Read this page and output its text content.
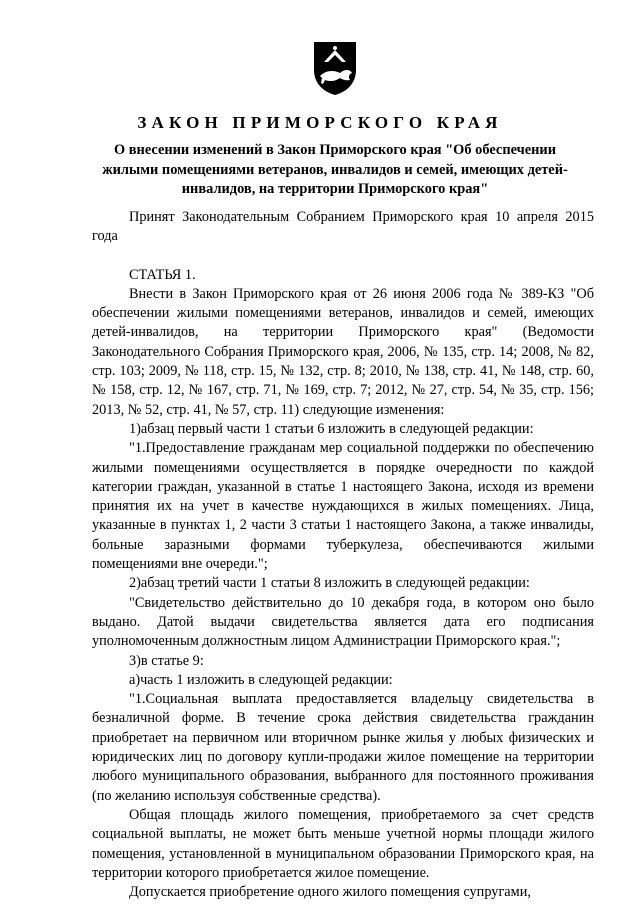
ЗАКОН ПРИМОРСКОГО КРАЯ
О внесении изменений в Закон Приморского края "Об обеспечении жилыми помещениями ветеранов, инвалидов и семей, имеющих детей-инвалидов, на территории Приморского края"

Принят Законодательным Собранием Приморского края 10 апреля 2015 года

СТАТЬЯ 1.

Внести в Закон Приморского края от 26 июня 2006 года № 389-КЗ "Об обеспечении жилыми помещениями ветеранов, инвалидов и семей, имеющих детей-инвалидов, на территории Приморского края" (Ведомости Законодательного Собрания Приморского края, 2006, № 135, стр. 14; 2008, № 82, стр. 103; 2009, № 118, стр. 15, № 132, стр. 8; 2010, № 138, стр. 41, № 148, стр. 60, № 158, стр. 12, № 167, стр. 71, № 169, стр. 7; 2012, № 27, стр. 54, № 35, стр. 156; 2013, № 52, стр. 41, № 57, стр. 11) следующие изменения:

1)абзац первый части 1 статьи 6 изложить в следующей редакции:

"1.Предоставление гражданам мер социальной поддержки по обеспечению жилыми помещениями осуществляется в порядке очередности по каждой категории граждан, указанной в статье 1 настоящего Закона, исходя из времени принятия их на учет в качестве нуждающихся в жилых помещениях. Лица, указанные в пунктах 1, 2 части 3 статьи 1 настоящего Закона, а также инвалиды, больные заразными формами туберкулеза, обеспечиваются жилыми помещениями вне очереди.";

2)абзац третий части 1 статьи 8 изложить в следующей редакции:

"Свидетельство действительно до 10 декабря года, в котором оно было выдано. Датой выдачи свидетельства является дата его подписания уполномоченным должностным лицом Администрации Приморского края.";

3)в статье 9:

а)часть 1 изложить в следующей редакции:

"1.Социальная выплата предоставляется владельцу свидетельства в безналичной форме. В течение срока действия свидетельства гражданин приобретает на первичном или вторичном рынке жилья у любых физических и юридических лиц по договору купли-продажи жилое помещение на территории любого муниципального образования, выбранного для постоянного проживания (по желанию используя собственные средства).

Общая площадь жилого помещения, приобретаемого за счет средств социальной выплаты, не может быть меньше учетной нормы площади жилого помещения, установленной в муниципальном образовании Приморского края, на территории которого приобретается жилое помещение.

Допускается приобретение одного жилого помещения супругами,
